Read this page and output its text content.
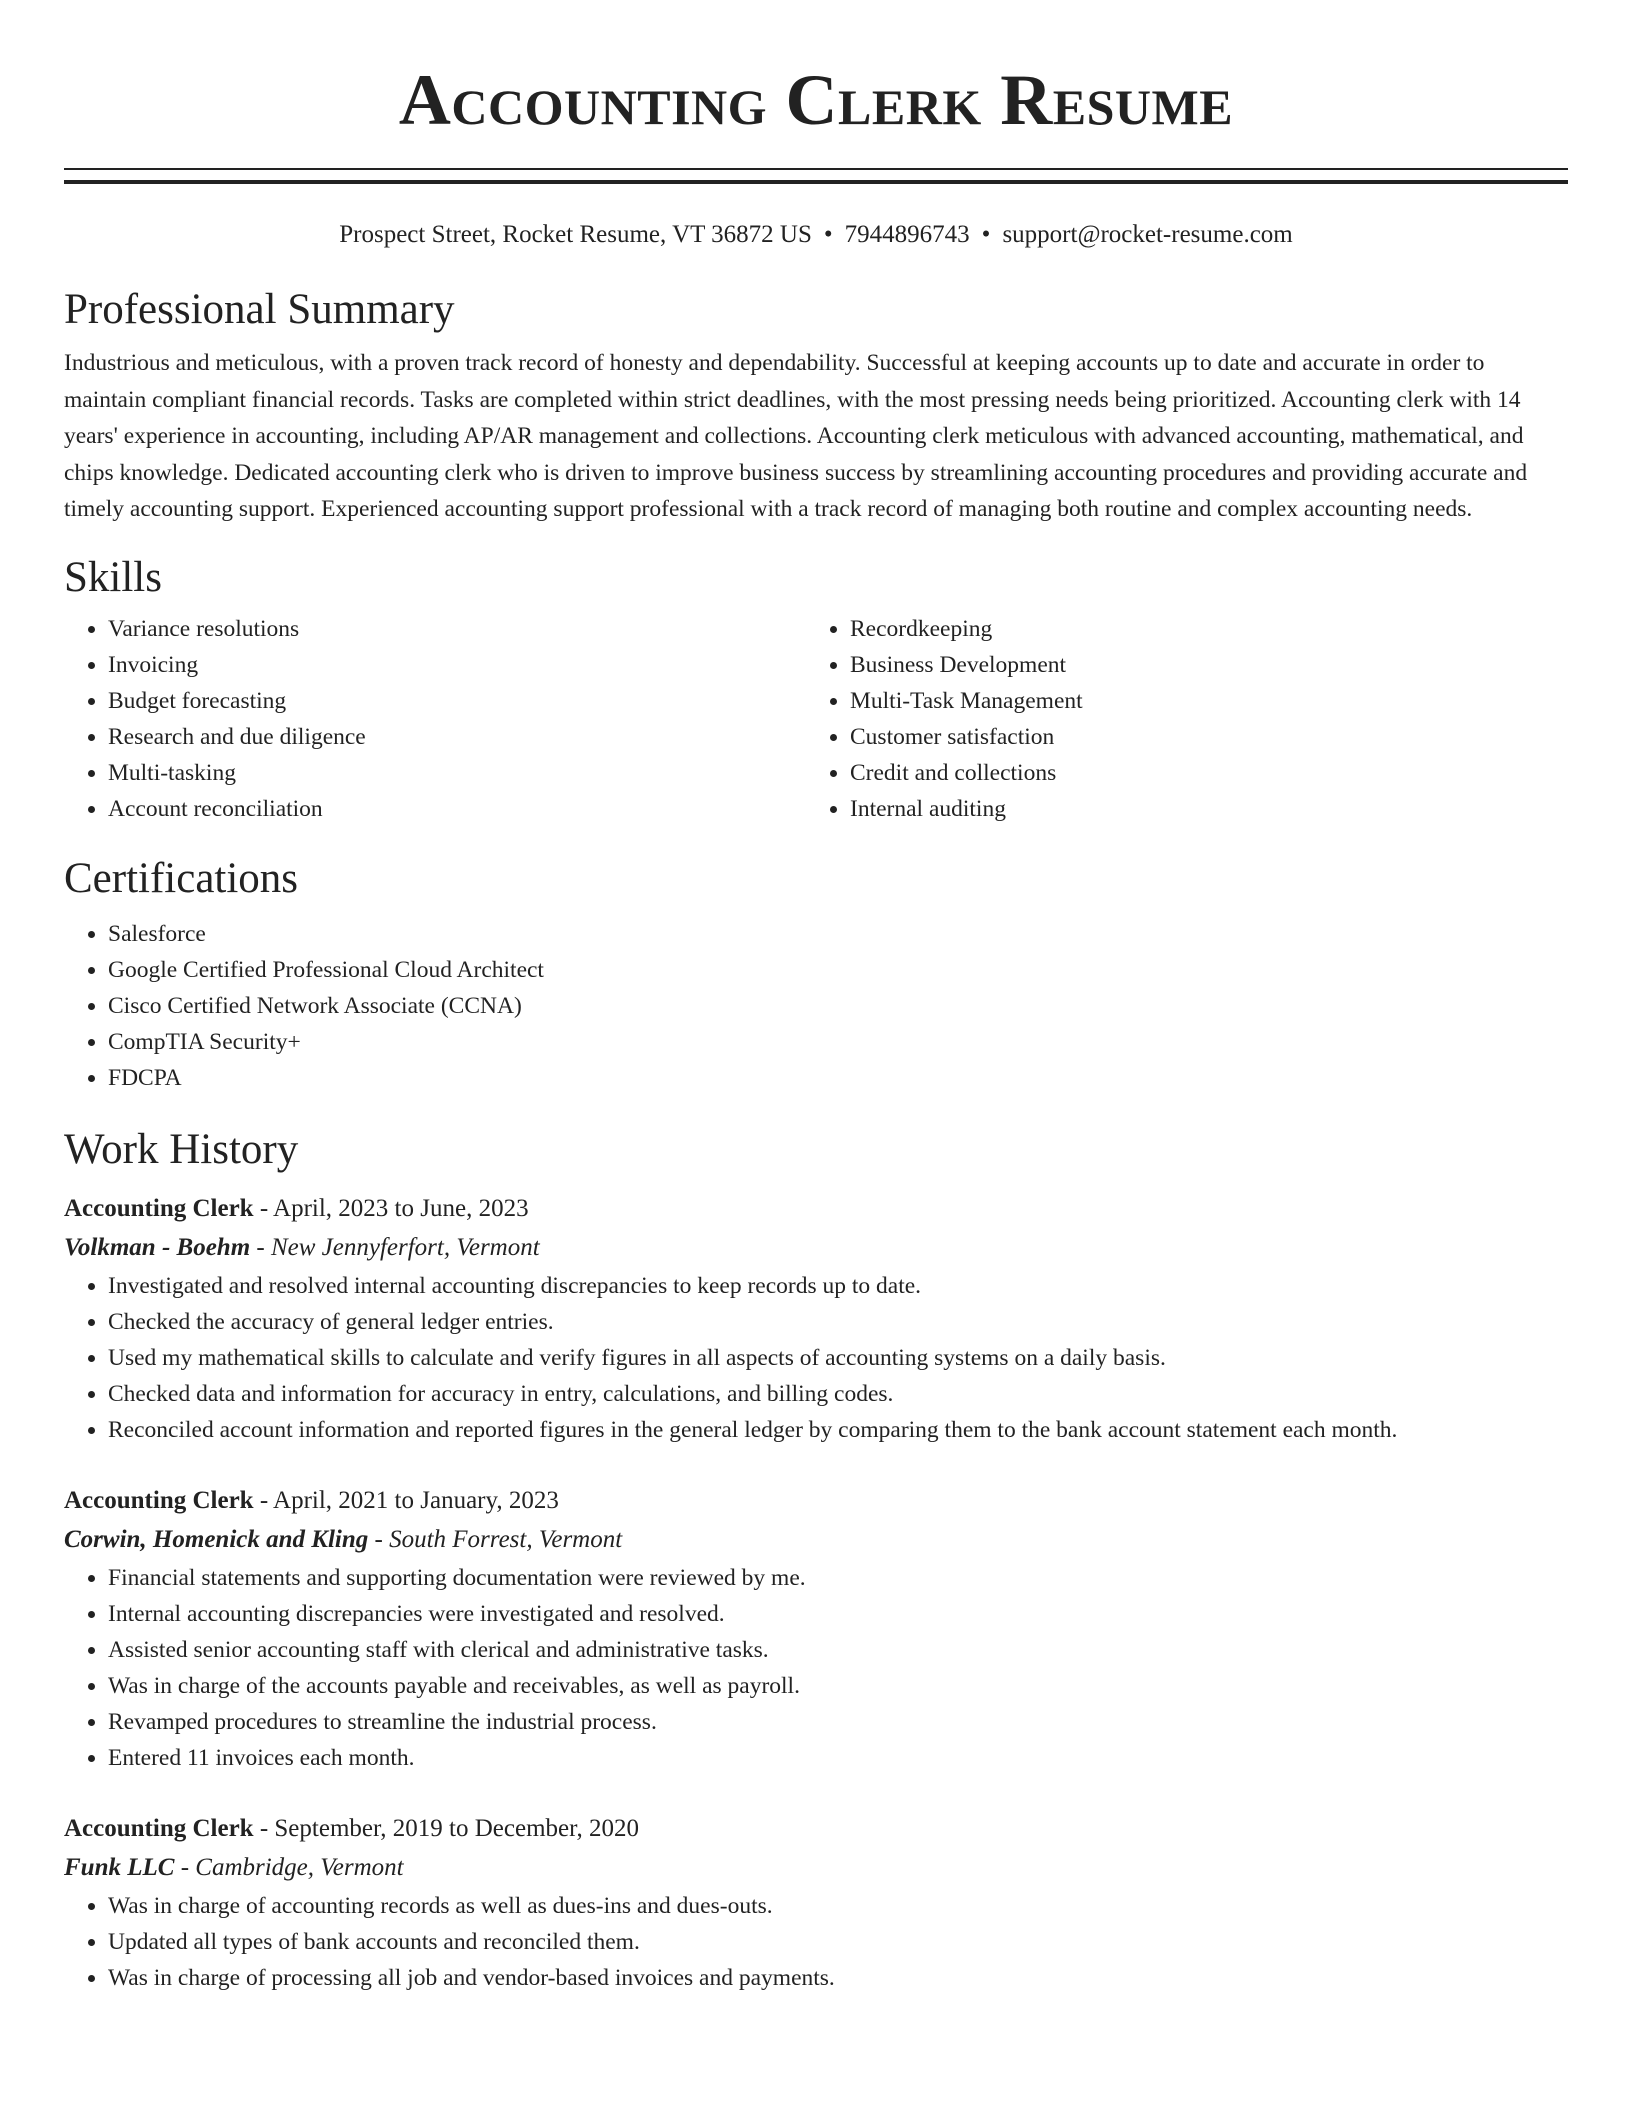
Accounting Clerk Resume
Prospect Street, Rocket Resume, VT 36872 US • 7944896743 • support@rocket-resume.com
Professional Summary

Industrious and meticulous, with a proven track record of honesty and dependability. Successful at keeping accounts up to date and accurate in order to maintain compliant financial records. Tasks are completed within strict deadlines, with the most pressing needs being prioritized. Accounting clerk with 14 years' experience in accounting, including AP/AR management and collections. Accounting clerk meticulous with advanced accounting, mathematical, and chips knowledge. Dedicated accounting clerk who is driven to improve business success by streamlining accounting procedures and providing accurate and timely accounting support. Experienced accounting support professional with a track record of managing both routine and complex accounting needs.

Skills
• Variance resolutions
• Invoicing
• Budget forecasting
• Research and due diligence
• Multi-tasking
• Account reconciliation
• Recordkeeping
• Business Development
• Multi-Task Management
• Customer satisfaction
• Credit and collections
• Internal auditing
Certifications
• Salesforce
• Google Certified Professional Cloud Architect
• Cisco Certified Network Associate (CCNA)
• CompTIA Security+
• FDCPA
Work History
Accounting Clerk - April, 2023 to June, 2023
Volkman - Boehm - New Jennyferfort, Vermont
• Investigated and resolved internal accounting discrepancies to keep records up to date.
• Checked the accuracy of general ledger entries.
• Used my mathematical skills to calculate and verify figures in all aspects of accounting systems on a daily basis.
• Checked data and information for accuracy in entry, calculations, and billing codes.
• Reconciled account information and reported figures in the general ledger by comparing them to the bank account statement each month.
Accounting Clerk - April, 2021 to January, 2023
Corwin, Homenick and Kling - South Forrest, Vermont
• Financial statements and supporting documentation were reviewed by me.
• Internal accounting discrepancies were investigated and resolved.
• Assisted senior accounting staff with clerical and administrative tasks.
• Was in charge of the accounts payable and receivables, as well as payroll.
• Revamped procedures to streamline the industrial process.
• Entered 11 invoices each month.
Accounting Clerk - September, 2019 to December, 2020
Funk LLC - Cambridge, Vermont
• Was in charge of accounting records as well as dues-ins and dues-outs.
• Updated all types of bank accounts and reconciled them.
• Was in charge of processing all job and vendor-based invoices and payments.
